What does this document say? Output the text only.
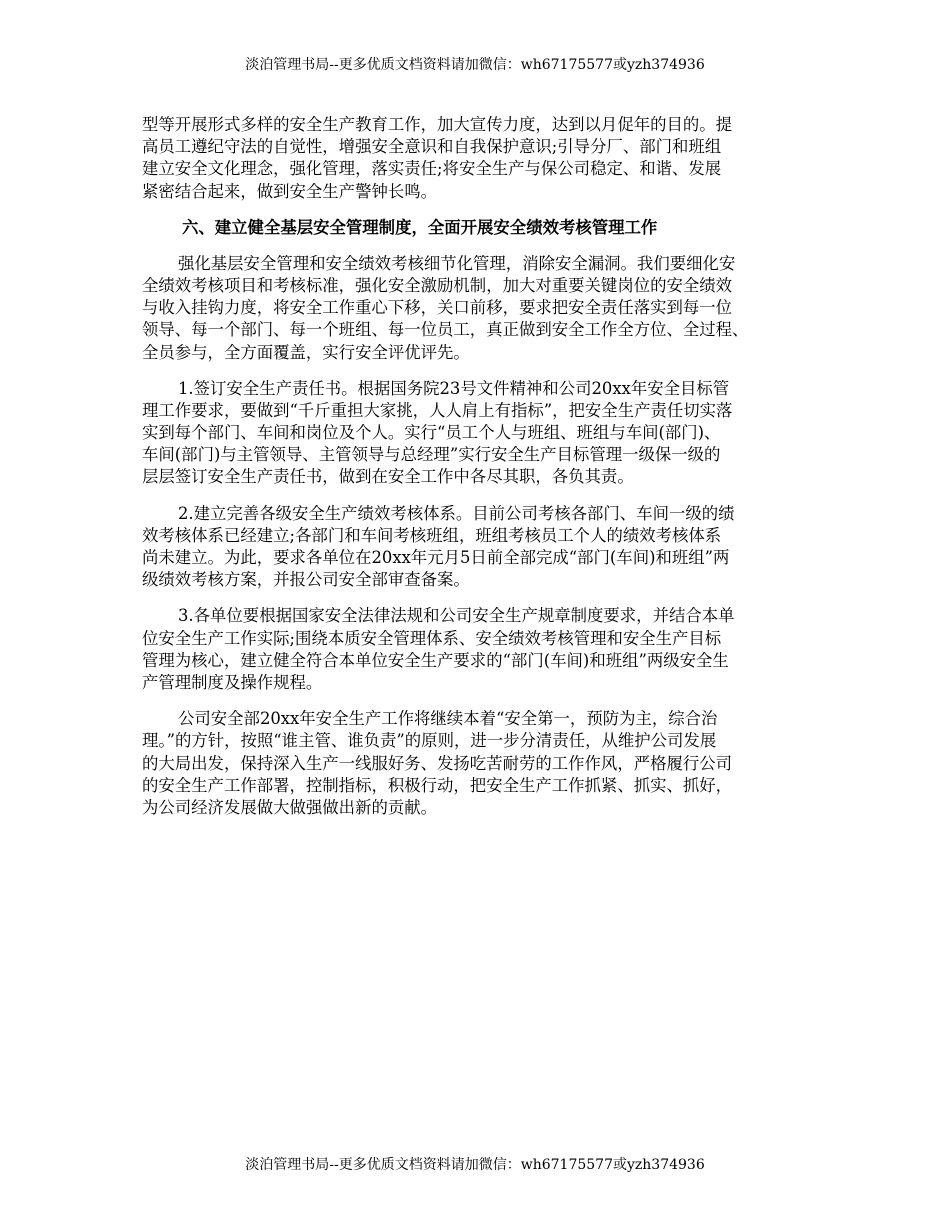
淡泊管理书局--更多优质文档资料请加微信：wh67175577或yzh374936
型等开展形式多样的安全生产教育工作，加大宣传力度，达到以月促年的目的。提
高员工遵纪守法的自觉性，增强安全意识和自我保护意识;引导分厂、部门和班组
建立安全文化理念，强化管理，落实责任;将安全生产与保公司稳定、和谐、发展
紧密结合起来，做到安全生产警钟长鸣。
六、建立健全基层安全管理制度，全面开展安全绩效考核管理工作
强化基层安全管理和安全绩效考核细节化管理，消除安全漏洞。我们要细化安
全绩效考核项目和考核标准，强化安全激励机制，加大对重要关键岗位的安全绩效
与收入挂钩力度，将安全工作重心下移，关口前移，要求把安全责任落实到每一位
领导、每一个部门、每一个班组、每一位员工，真正做到安全工作全方位、全过程、
全员参与，全方面覆盖，实行安全评优评先。
1.签订安全生产责任书。根据国务院23号文件精神和公司20xx年安全目标管
理工作要求，要做到“千斤重担大家挑，人人肩上有指标”，把安全生产责任切实落
实到每个部门、车间和岗位及个人。实行“员工个人与班组、班组与车间(部门)、
车间(部门)与主管领导、主管领导与总经理”实行安全生产目标管理一级保一级的
层层签订安全生产责任书，做到在安全工作中各尽其职，各负其责。
2.建立完善各级安全生产绩效考核体系。目前公司考核各部门、车间一级的绩
效考核体系已经建立;各部门和车间考核班组，班组考核员工个人的绩效考核体系
尚未建立。为此，要求各单位在20xx年元月5日前全部完成“部门(车间)和班组”两
级绩效考核方案，并报公司安全部审查备案。
3.各单位要根据国家安全法律法规和公司安全生产规章制度要求，并结合本单
位安全生产工作实际;围绕本质安全管理体系、安全绩效考核管理和安全生产目标
管理为核心，建立健全符合本单位安全生产要求的“部门(车间)和班组”两级安全生
产管理制度及操作规程。
公司安全部20xx年安全生产工作将继续本着“安全第一，预防为主，综合治
理。”的方针，按照“谁主管、谁负责”的原则，进一步分清责任，从维护公司发展
的大局出发，保持深入生产一线服好务、发扬吃苦耐劳的工作作风，严格履行公司
的安全生产工作部署，控制指标，积极行动，把安全生产工作抓紧、抓实、抓好，
为公司经济发展做大做强做出新的贡献。
淡泊管理书局--更多优质文档资料请加微信：wh67175577或yzh374936
